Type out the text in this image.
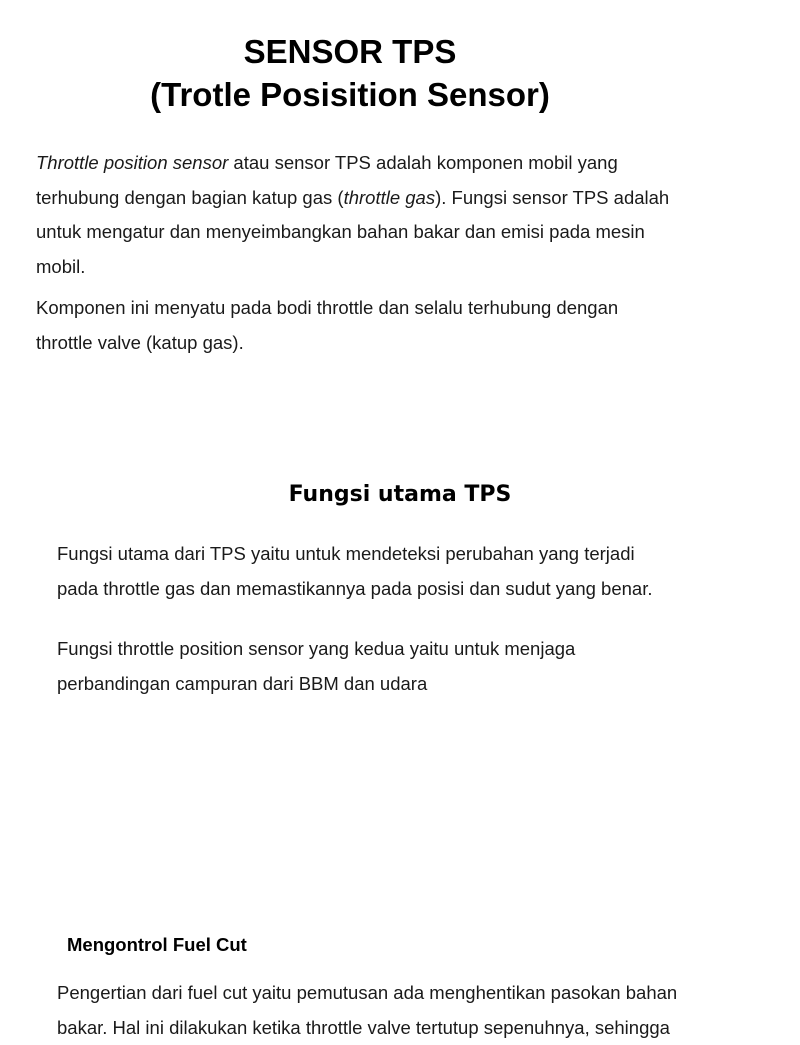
SENSOR TPS
(Trotle Posisition Sensor)

Throttle position sensor atau sensor TPS adalah komponen mobil yang terhubung dengan bagian katup gas (throttle gas). Fungsi sensor TPS adalah untuk mengatur dan menyeimbangkan bahan bakar dan emisi pada mesin mobil.

Komponen ini menyatu pada bodi throttle dan selalu terhubung dengan throttle valve (katup gas).

Fungsi utama TPS

Fungsi utama dari TPS yaitu untuk mendeteksi perubahan yang terjadi pada throttle gas dan memastikannya pada posisi dan sudut yang benar.

Fungsi throttle position sensor yang kedua yaitu untuk menjaga perbandingan campuran dari BBM dan udara

Mengontrol Fuel Cut

Pengertian dari fuel cut yaitu pemutusan ada menghentikan pasokan bahan bakar. Hal ini dilakukan ketika throttle valve tertutup sepenuhnya, sehingga
